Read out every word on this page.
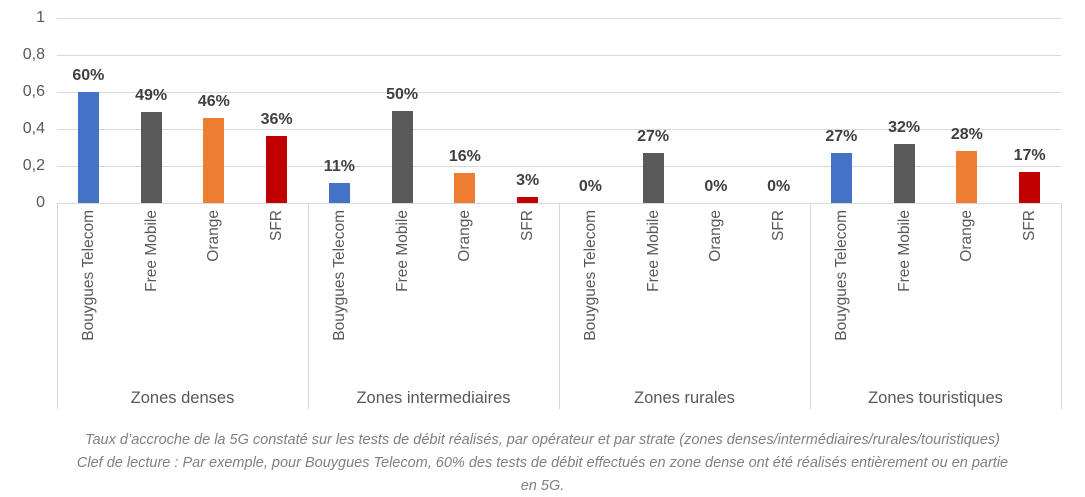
0
0,2
0,4
0,6
0,8
1
60%
Bouygues Telecom
49%
Free Mobile
46%
Orange
36%
SFR
Zones denses
11%
Bouygues Telecom
50%
Free Mobile
16%
Orange
3%
SFR
Zones intermediaires
0%
Bouygues Telecom
27%
Free Mobile
0%
Orange
0%
SFR
Zones rurales
27%
Bouygues Telecom
32%
Free Mobile
28%
Orange
17%
SFR
Zones touristiques
Taux d’accroche de la 5G constaté sur les tests de débit réalisés, par opérateur et par strate (zones denses/intermédiaires/rurales/touristiques)
Clef de lecture : Par exemple, pour Bouygues Telecom, 60% des tests de débit effectués en zone dense ont été réalisés entièrement ou en partie
en 5G.
